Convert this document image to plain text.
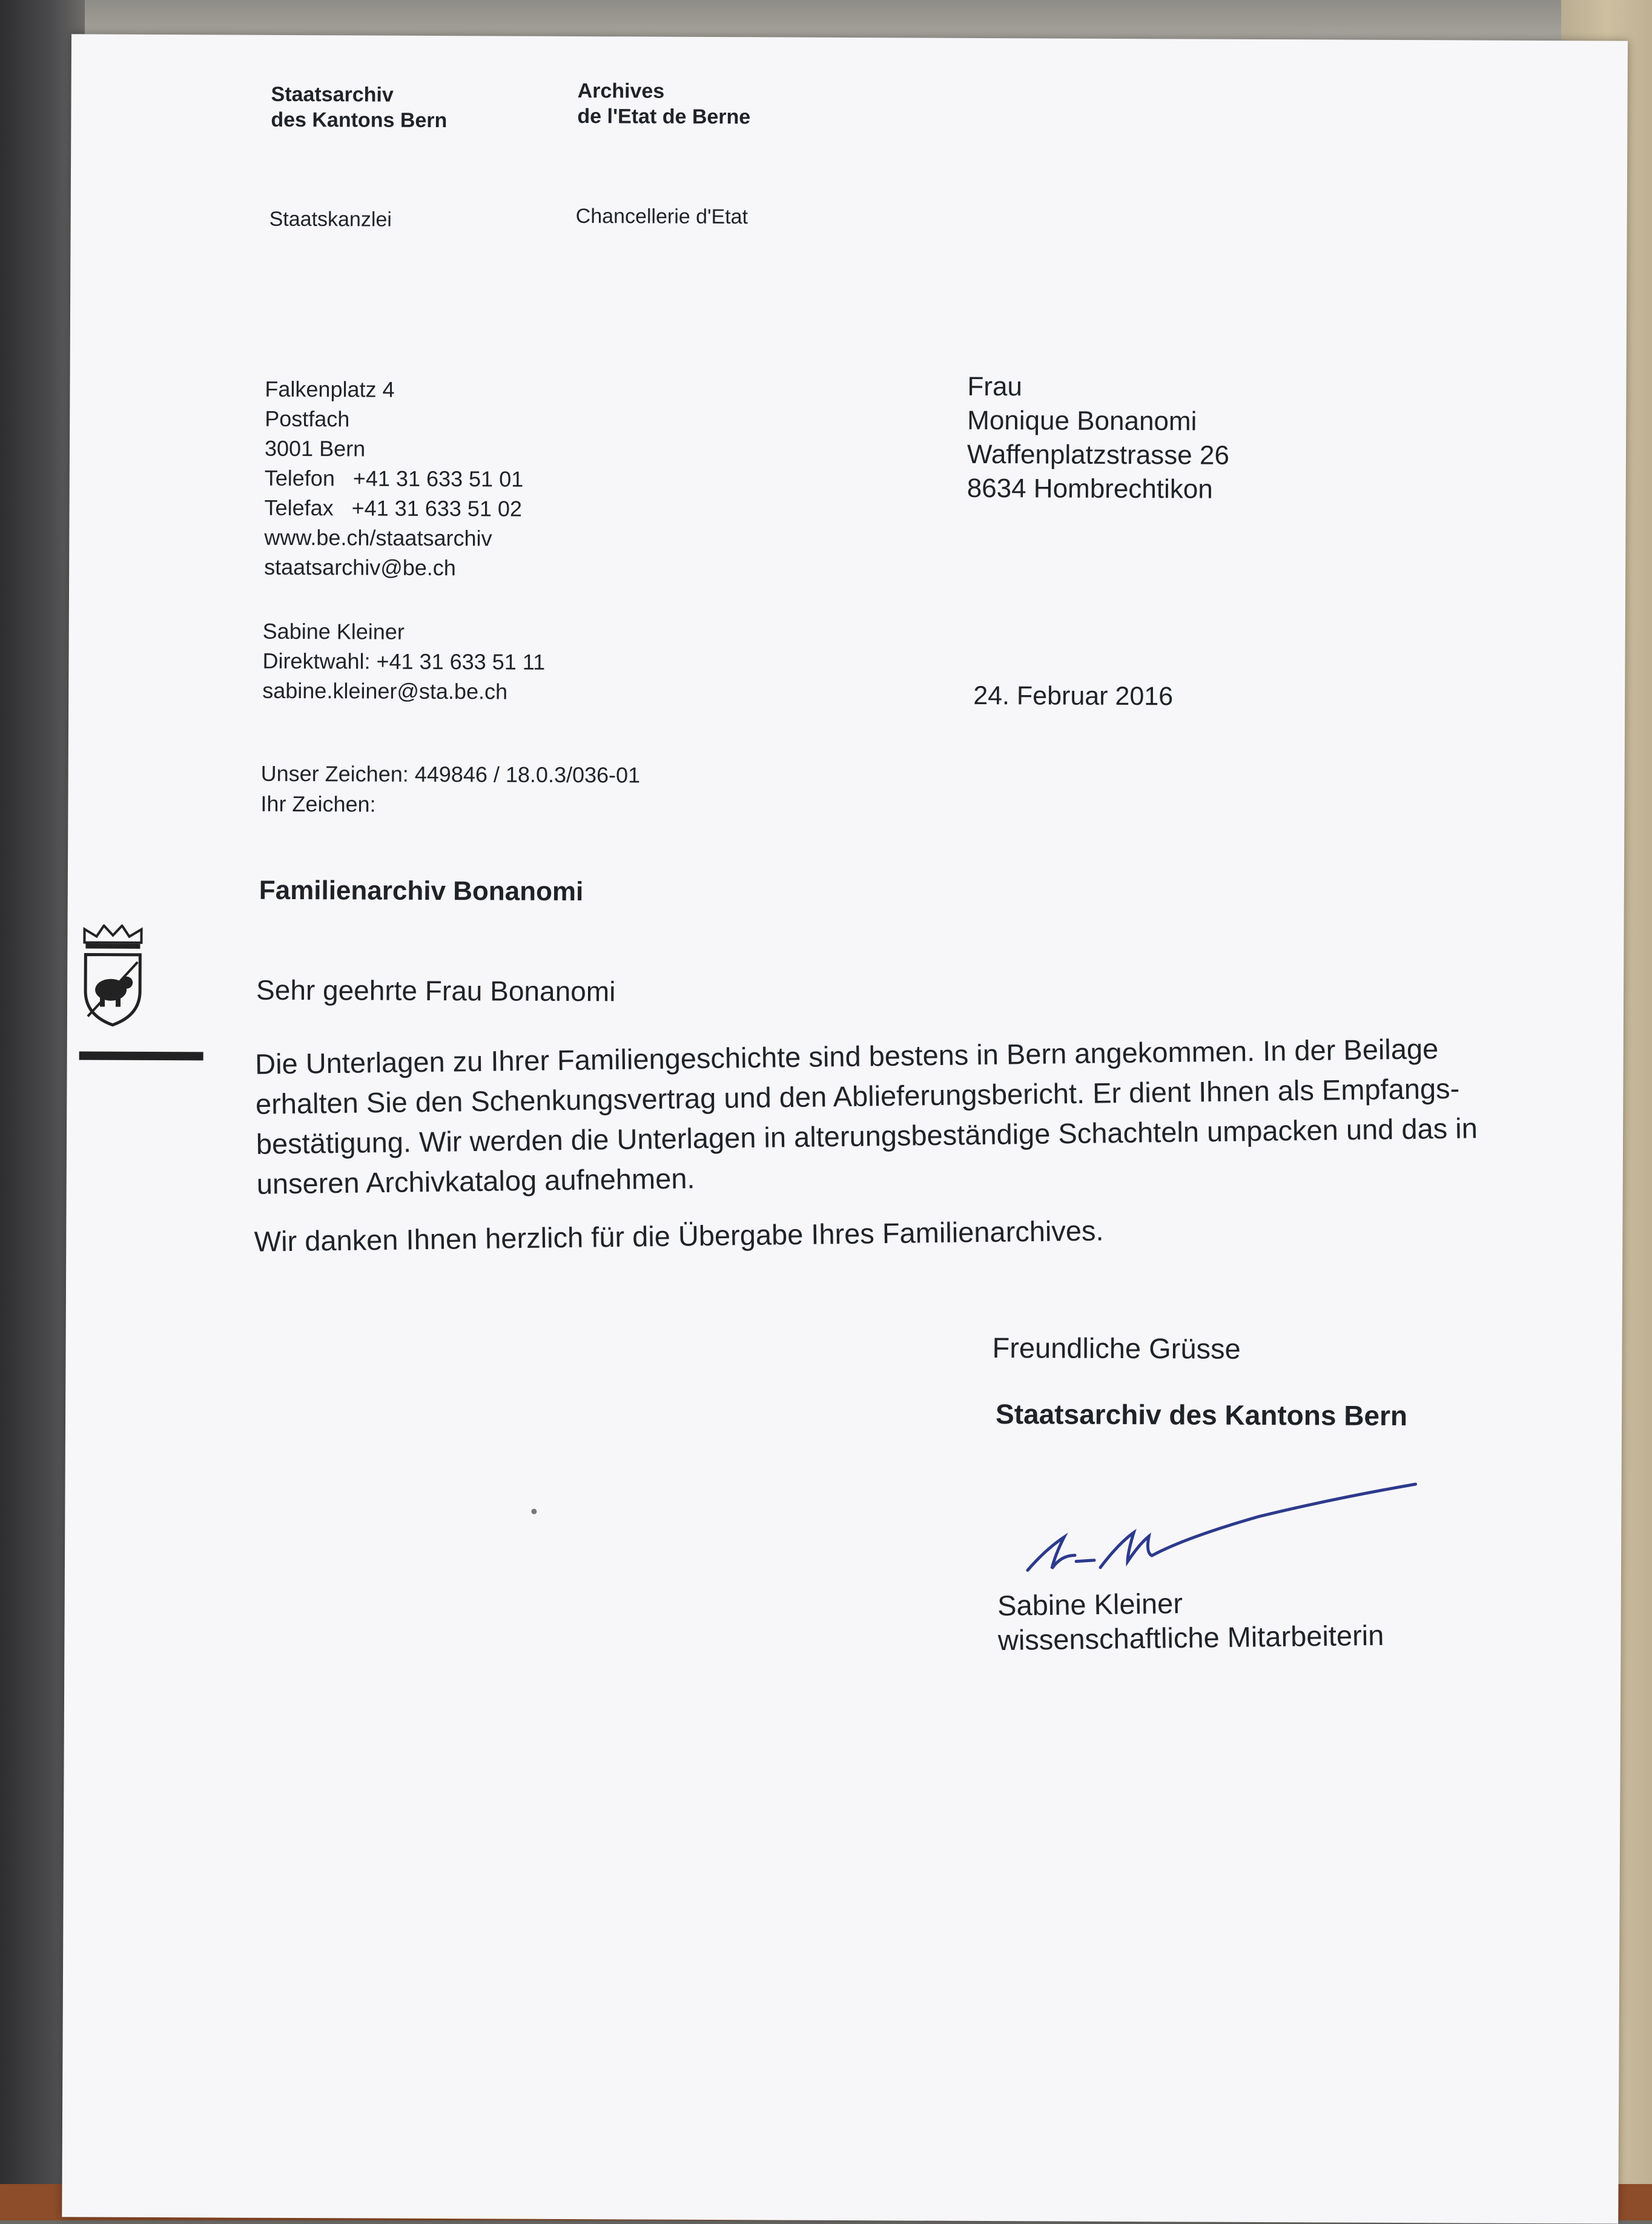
Staatsarchiv

des Kantons Bern

Archives

de l'Etat de Berne

Staatskanzlei	Chancellerie d'Etat

Falkenplatz 4

Postfach

3001 Bern

Telefon   +41 31 633 51 01

Telefax   +41 31 633 51 02

www.be.ch/staatsarchiv

staatsarchiv@be.ch

Sabine Kleiner

Direktwahl: +41 31 633 51 11

sabine.kleiner@sta.be.ch

Frau

Monique Bonanomi

Waffenplatzstrasse 26

8634 Hombrechtikon

24. Februar 2016

Unser Zeichen: 449846 / 18.0.3/036-01

Ihr Zeichen:

Familienarchiv Bonanomi

Sehr geehrte Frau Bonanomi

Die Unterlagen zu Ihrer Familiengeschichte sind bestens in Bern angekommen. In der Beilage

erhalten Sie den Schenkungsvertrag und den Ablieferungsbericht. Er dient Ihnen als Empfangs-

bestätigung. Wir werden die Unterlagen in alterungsbeständige Schachteln umpacken und das in

unseren Archivkatalog aufnehmen.

Wir danken Ihnen herzlich für die Übergabe Ihres Familienarchives.

Freundliche Grüsse

Staatsarchiv des Kantons Bern

Sabine Kleiner

wissenschaftliche Mitarbeiterin
